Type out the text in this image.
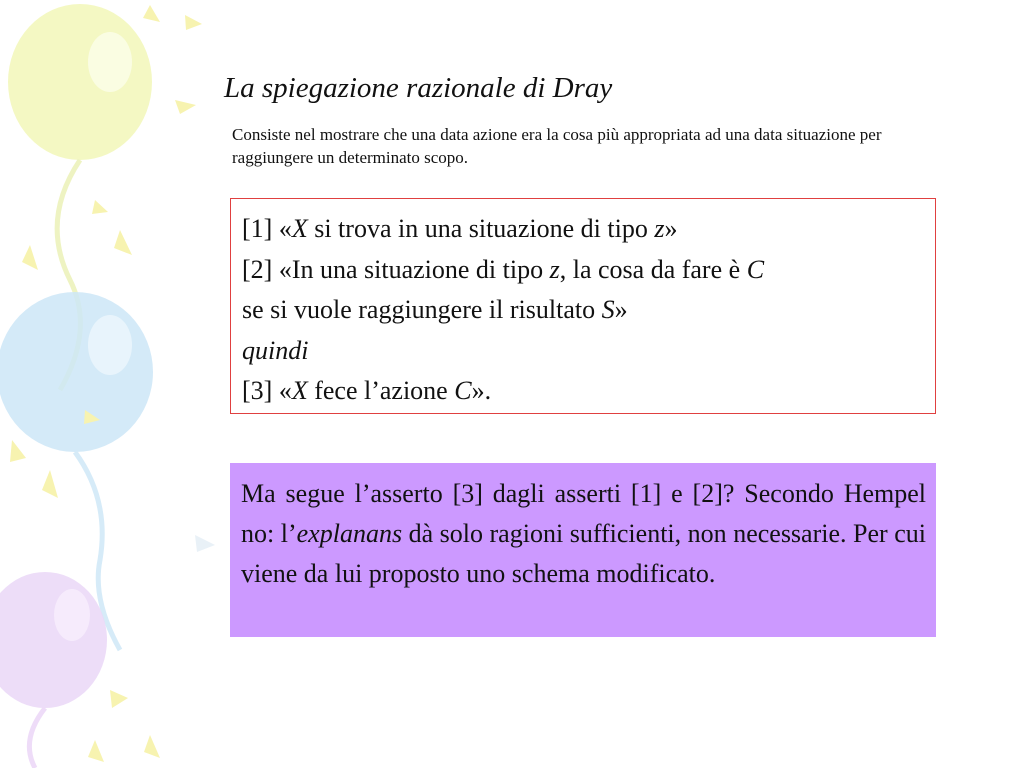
La spiegazione razionale di Dray

Consiste nel mostrare che una data azione era la cosa più appropriata ad una data situazione per raggiungere un determinato scopo.

[1] «X si trova in una situazione di tipo z»
[2] «In una situazione di tipo z, la cosa da fare è C
se si vuole raggiungere il risultato S»
quindi
[3] «X fece l’azione C».
Ma segue l’asserto [3] dagli asserti [1] e [2]? Secondo Hempel no: l’explanans dà solo ragioni sufficienti, non necessarie. Per cui viene da lui proposto uno schema modificato.
